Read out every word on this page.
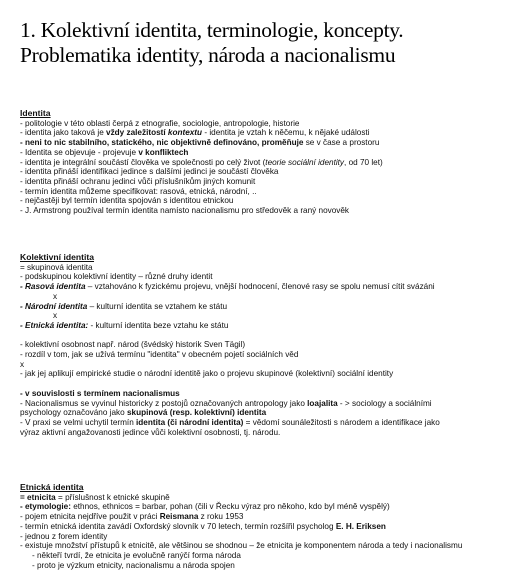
1. Kolektivní identita, terminologie, koncepty.
Problematika identity, národa a nacionalismu
Identita
- politologie v této oblasti čerpá z etnografie, sociologie, antropologie, historie
- identita jako taková je vždy zaležitostí kontextu - identita je vztah k něčemu, k nějaké události
- neni to nic stabilního, statického, nic objektivně definováno, proměňuje se v čase a prostoru
- Identita se objevuje - projevuje v konfliktech
- identita je integrální součástí člověka ve společnosti po celý život (teorie sociální identity, od 70 let)
- identita přináší identifikaci jedince s dalšími jedinci je součástí člověka
- identita přináší ochranu jedinci vůči příslušníkům jiných komunit
- termín identita můžeme specifikovat: rasová, etnická, národní, ..
- nejčastěji byl termín identita spojován s identitou etnickou
- J. Armstrong používal termín identita namísto nacionalismu pro středověk a raný novověk
Kolektivní identita
= skupinová identita
- podskupinou kolektivní identity – různé druhy identit
- Rasová identita – vztahováno k fyzickému projevu, vnější hodnocení, členové rasy se spolu nemusí cítit svázáni
x
- Národní identita – kulturní identita se vztahem ke státu
x
- Etnická identita: - kulturní identita beze vztahu ke státu
- kolektivní osobnost např. národ (švédský historik Sven Tägil)
- rozdíl v tom, jak se užívá termínu "identita" v obecném pojetí sociálních věd
x
- jak jej aplikují empirické studie o národní identitě jako o projevu skupinové (kolektivní) sociální identity
- v souvislosti s termínem nacionalismus
- Nacionalismus se vyvinul historicky z postojů označovaných antropology jako loajalita - > sociology a sociálními
psychology označováno jako skupinová (resp. kolektivní) identita
- V praxi se velmi uchytil termín identita (či národní identita) = vědomí sounáležitosti s národem a identifikace jako
výraz aktivní angažovanosti jedince vůči kolektivní osobnosti, tj. národu.
Etnická identita
= etnicita = příslušnost k etnické skupině
- etymologie: ethnos, ethnicos = barbar, pohan (čili v Řecku výraz pro někoho, kdo byl méně vyspělý)
- pojem etnicita nejdříve použit v práci Reismana z roku 1953
- termín etnická identita zavádí Oxfordský slovník v 70 letech, termín rozšířil psycholog E. H. Eriksen
- jednou z forem identity
- existuje množství přístupů k etnicitě, ale většinou se shodnou – že etnicita je komponentem národa a tedy i nacionalismu
- někteří tvrdí, že etnicita je evolučně ranýčí forma národa
- proto je výzkum etnicity, nacionalismu a národa spojen
